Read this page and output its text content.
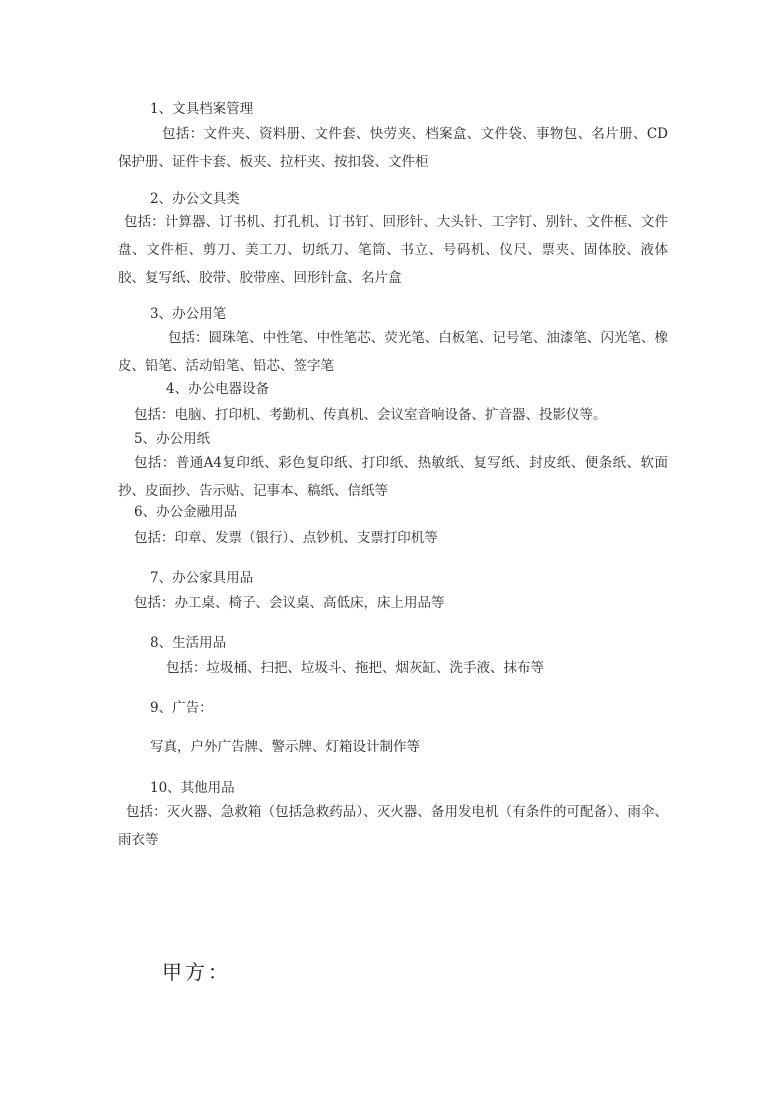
1、文具档案管理
包括：文件夹、资料册、文件套、快劳夹、档案盒、文件袋、事物包、名片册、CD保护册、证件卡套、板夹、拉杆夹、按扣袋、文件柜
2、办公文具类
包括：计算器、订书机、打孔机、订书钉、回形针、大头针、工字钉、别针、文件框、文件盘、文件柜、剪刀、美工刀、切纸刀、笔筒、书立、号码机、仪尺、票夹、固体胶、液体胶、复写纸、胶带、胶带座、回形针盒、名片盒
3、办公用笔
包括：圆珠笔、中性笔、中性笔芯、荧光笔、白板笔、记号笔、油漆笔、闪光笔、橡皮、铅笔、活动铅笔、铅芯、签字笔
4、办公电器设备
包括：电脑、打印机、考勤机、传真机、会议室音响设备、扩音器、投影仪等。
5、办公用纸
包括：普通A4复印纸、彩色复印纸、打印纸、热敏纸、复写纸、封皮纸、便条纸、软面抄、皮面抄、告示贴、记事本、稿纸、信纸等
6、办公金融用品
包括：印章、发票（银行）、点钞机、支票打印机等
7、办公家具用品
包括：办工桌、椅子、会议桌、高低床，床上用品等
8、生活用品
包括：垃圾桶、扫把、垃圾斗、拖把、烟灰缸、洗手液、抹布等
9、广告：
写真，户外广告牌、警示牌、灯箱设计制作等
10、其他用品
包括：灭火器、急救箱（包括急救药品）、灭火器、备用发电机（有条件的可配备）、雨伞、雨衣等
甲方：
